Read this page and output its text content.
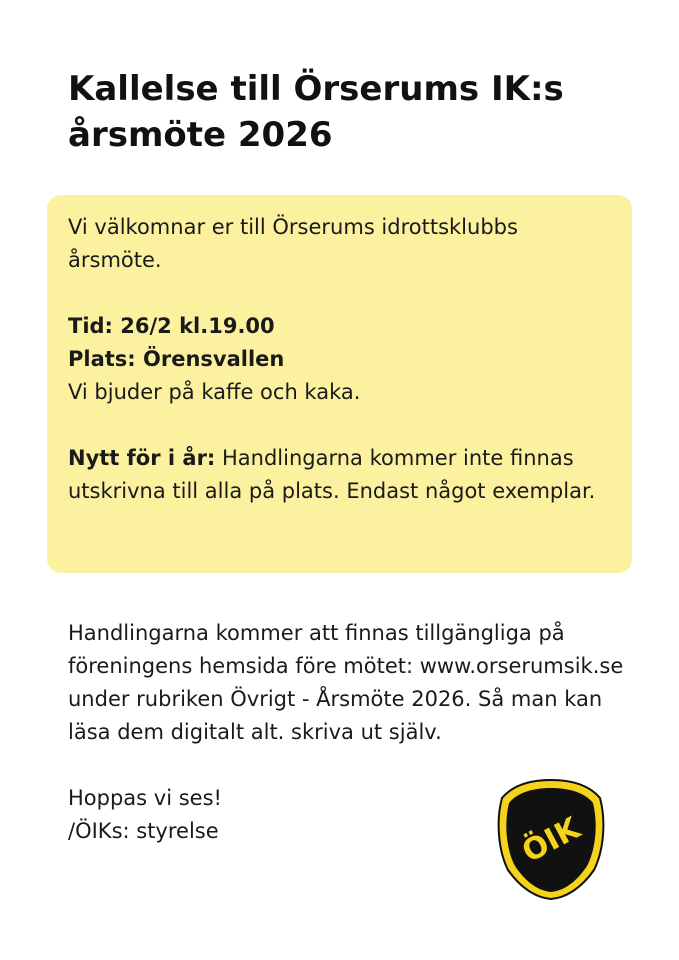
Kallelse till Örserums IK:s
årsmöte 2026

Vi välkomnar er till Örserums idrottsklubbs årsmöte.

Tid: 26/2 kl.19.00

Plats: Örensvallen

Vi bjuder på kaffe och kaka.

Nytt för i år: Handlingarna kommer inte finnas utskrivna till alla på plats. Endast något exemplar.

Handlingarna kommer att finnas tillgängliga på föreningens hemsida före mötet: www.orserumsik.se under rubriken Övrigt - Årsmöte 2026. Så man kan läsa dem digitalt alt. skriva ut själv.

Hoppas vi ses!

/ÖIKs: styrelse	ÖIK
